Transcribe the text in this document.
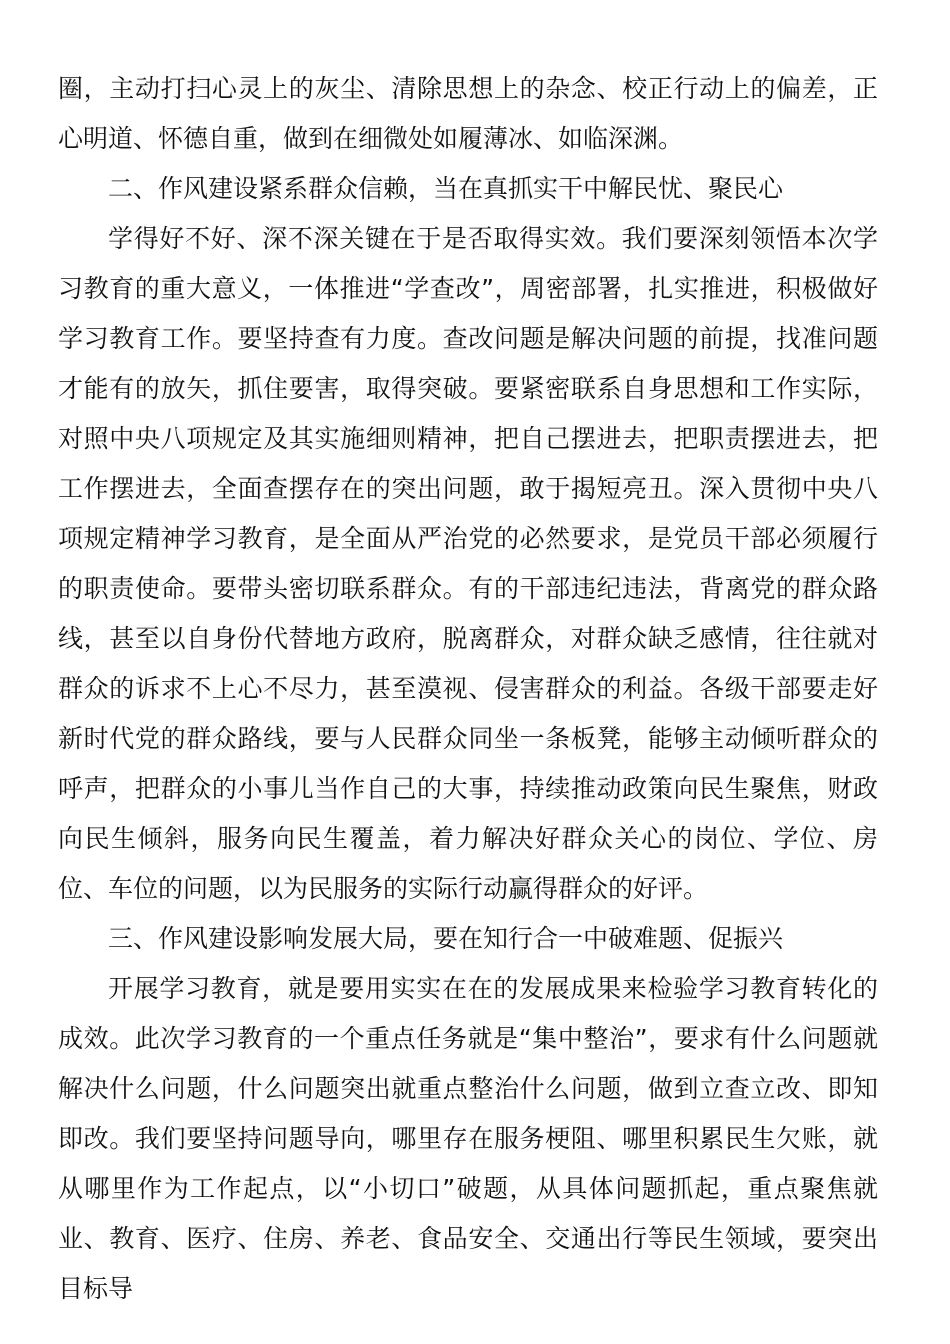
圈，主动打扫心灵上的灰尘、清除思想上的杂念、校正行动上的偏差，正心明道、怀德自重，做到在细微处如履薄冰、如临深渊。

二、作风建设紧系群众信赖，当在真抓实干中解民忧、聚民心

学得好不好、深不深关键在于是否取得实效。我们要深刻领悟本次学习教育的重大意义，一体推进“学查改”，周密部署，扎实推进，积极做好学习教育工作。要坚持查有力度。查改问题是解决问题的前提，找准问题才能有的放矢，抓住要害，取得突破。要紧密联系自身思想和工作实际，对照中央八项规定及其实施细则精神，把自己摆进去，把职责摆进去，把工作摆进去，全面查摆存在的突出问题，敢于揭短亮丑。深入贯彻中央八项规定精神学习教育，是全面从严治党的必然要求，是党员干部必须履行的职责使命。要带头密切联系群众。有的干部违纪违法，背离党的群众路线，甚至以自身份代替地方政府，脱离群众，对群众缺乏感情，往往就对群众的诉求不上心不尽力，甚至漠视、侵害群众的利益。各级干部要走好新时代党的群众路线，要与人民群众同坐一条板凳，能够主动倾听群众的呼声，把群众的小事儿当作自己的大事，持续推动政策向民生聚焦，财政向民生倾斜，服务向民生覆盖，着力解决好群众关心的岗位、学位、房位、车位的问题，以为民服务的实际行动赢得群众的好评。

三、作风建设影响发展大局，要在知行合一中破难题、促振兴

开展学习教育，就是要用实实在在的发展成果来检验学习教育转化的成效。此次学习教育的一个重点任务就是“集中整治”，要求有什么问题就解决什么问题，什么问题突出就重点整治什么问题，做到立查立改、即知即改。我们要坚持问题导向，哪里存在服务梗阻、哪里积累民生欠账，就从哪里作为工作起点，以“小切口”破题，从具体问题抓起，重点聚焦就业、教育、医疗、住房、养老、食品安全、交通出行等民生领域，要突出目标导
